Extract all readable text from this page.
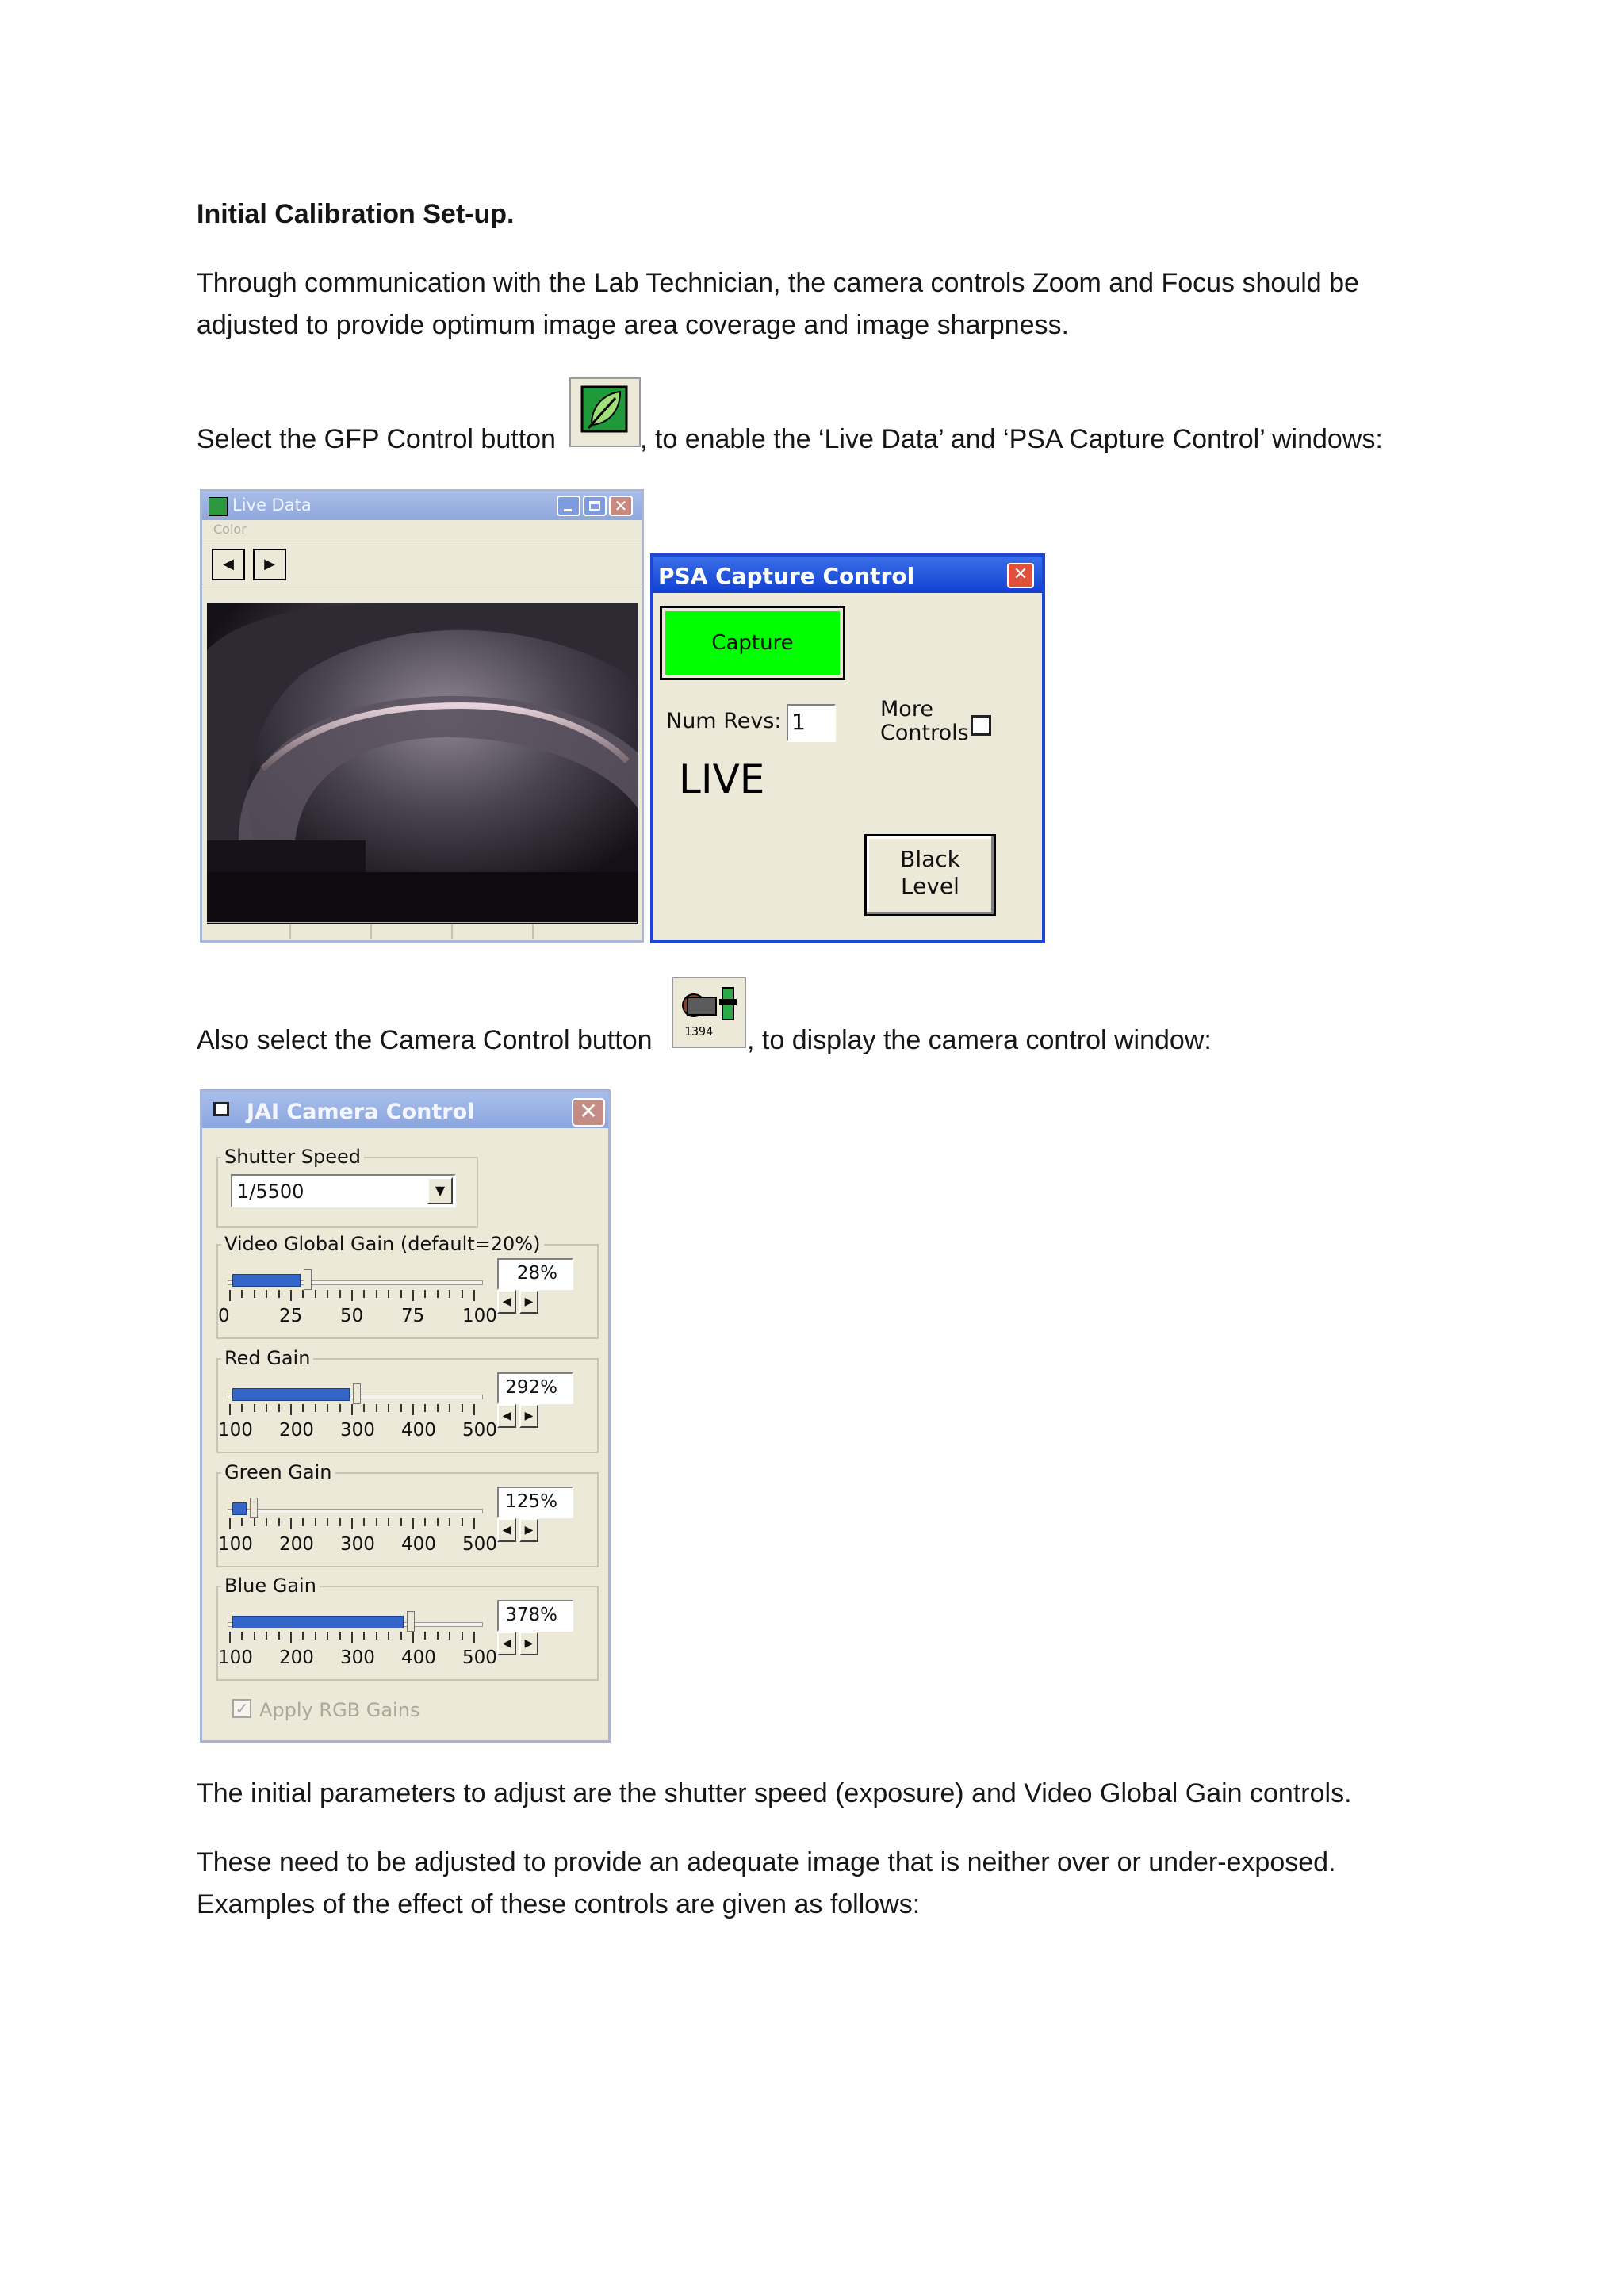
Initial Calibration Set-up.
Through communication with the Lab Technician, the camera controls Zoom and Focus should be
adjusted to provide optimum image area coverage and image sharpness.
Select the GFP Control button	, to enable the ‘Live Data’ and ‘PSA Capture Control’ windows:
Live Data	✕
Color
◀	▶	PSA Capture Control	✕
Capture
Num Revs: 1	More
Controls
LIVE
Black
Level
Also select the Camera Control button	1394 , to display the camera control window:
JAI Camera Control	✕
Shutter Speed
1/5500	▼
Video Global Gain (default=20%)
0	25 50 75 100
28%
◀	▶
Red Gain
100 200 300 400 500
292%
◀	▶
Green Gain
100 200 300 400 500
125%
◀	▶
Blue Gain
100 200 300 400 500
378%
◀	▶
✓ Apply RGB Gains
The initial parameters to adjust are the shutter speed (exposure) and Video Global Gain controls.
These need to be adjusted to provide an adequate image that is neither over or under-exposed.
Examples of the effect of these controls are given as follows:
